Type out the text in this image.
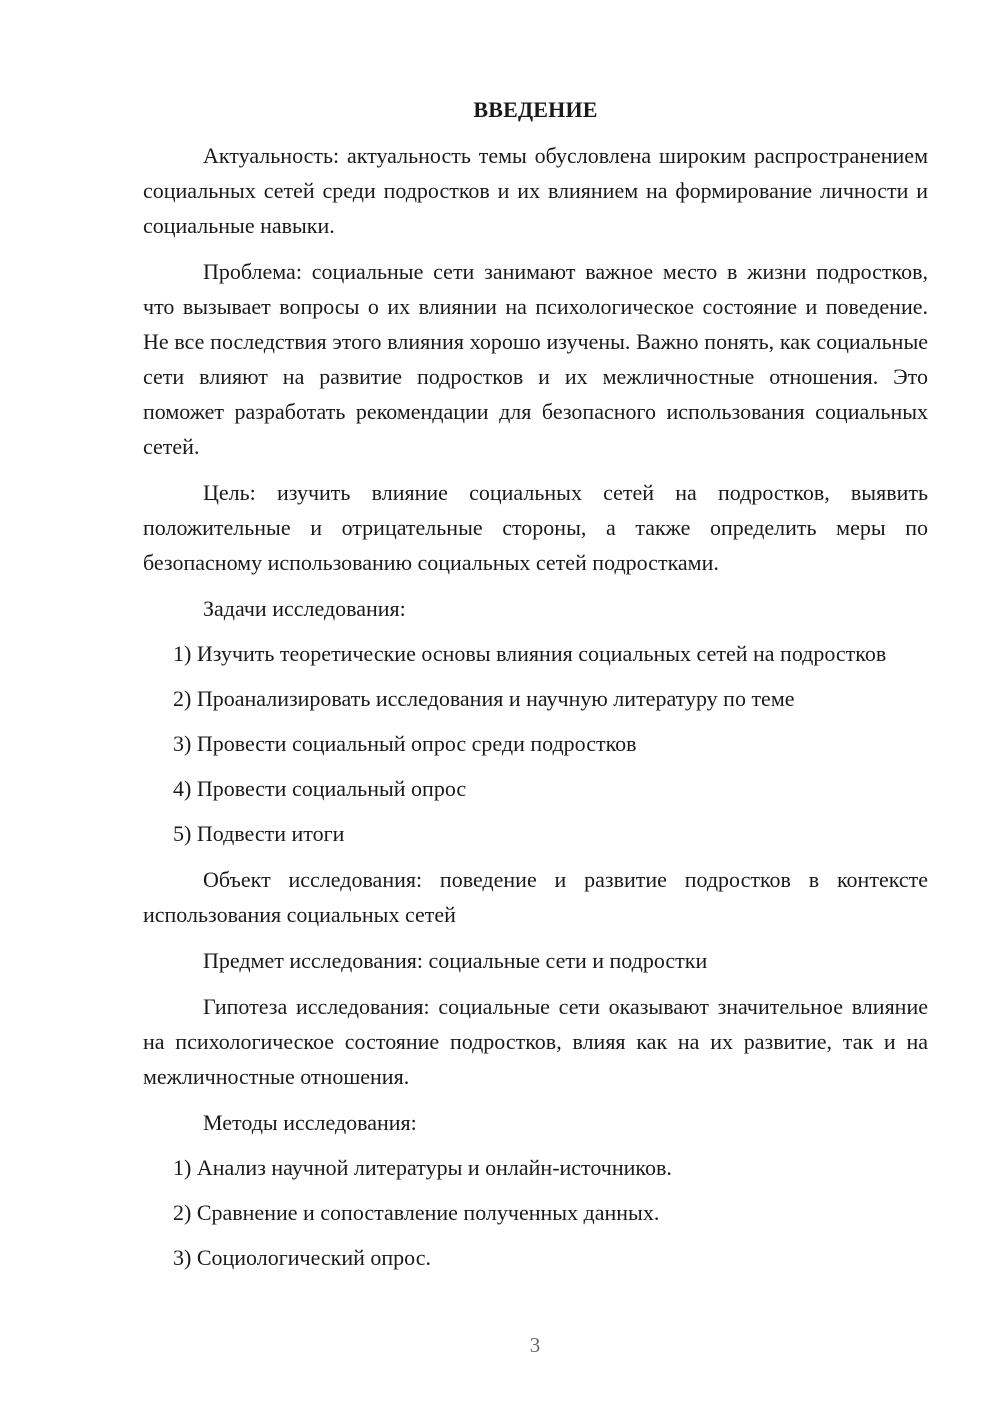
ВВЕДЕНИЕ

Актуальность: актуальность темы обусловлена широким распространением социальных сетей среди подростков и их влиянием на формирование личности и социальные навыки.

Проблема: социальные сети занимают важное место в жизни подростков, что вызывает вопросы о их влиянии на психологическое состояние и поведение. Не все последствия этого влияния хорошо изучены. Важно понять, как социальные сети влияют на развитие подростков и их межличностные отношения. Это поможет разработать рекомендации для безопасного использования социальных сетей.

Цель: изучить влияние социальных сетей на подростков, выявить положительные и отрицательные стороны, а также определить меры по безопасному использованию социальных сетей подростками.

Задачи исследования:

1) Изучить теоретические основы влияния социальных сетей на подростков

2) Проанализировать исследования и научную литературу по теме

3) Провести социальный опрос среди подростков

4) Провести социальный опрос

5) Подвести итоги

Объект исследования: поведение и развитие подростков в контексте использования социальных сетей

Предмет исследования: социальные сети и подростки

Гипотеза исследования: социальные сети оказывают значительное влияние на психологическое состояние подростков, влияя как на их развитие, так и на межличностные отношения.

Методы исследования:

1) Анализ научной литературы и онлайн-источников.

2) Сравнение и сопоставление полученных данных.

3) Социологический опрос.

3
